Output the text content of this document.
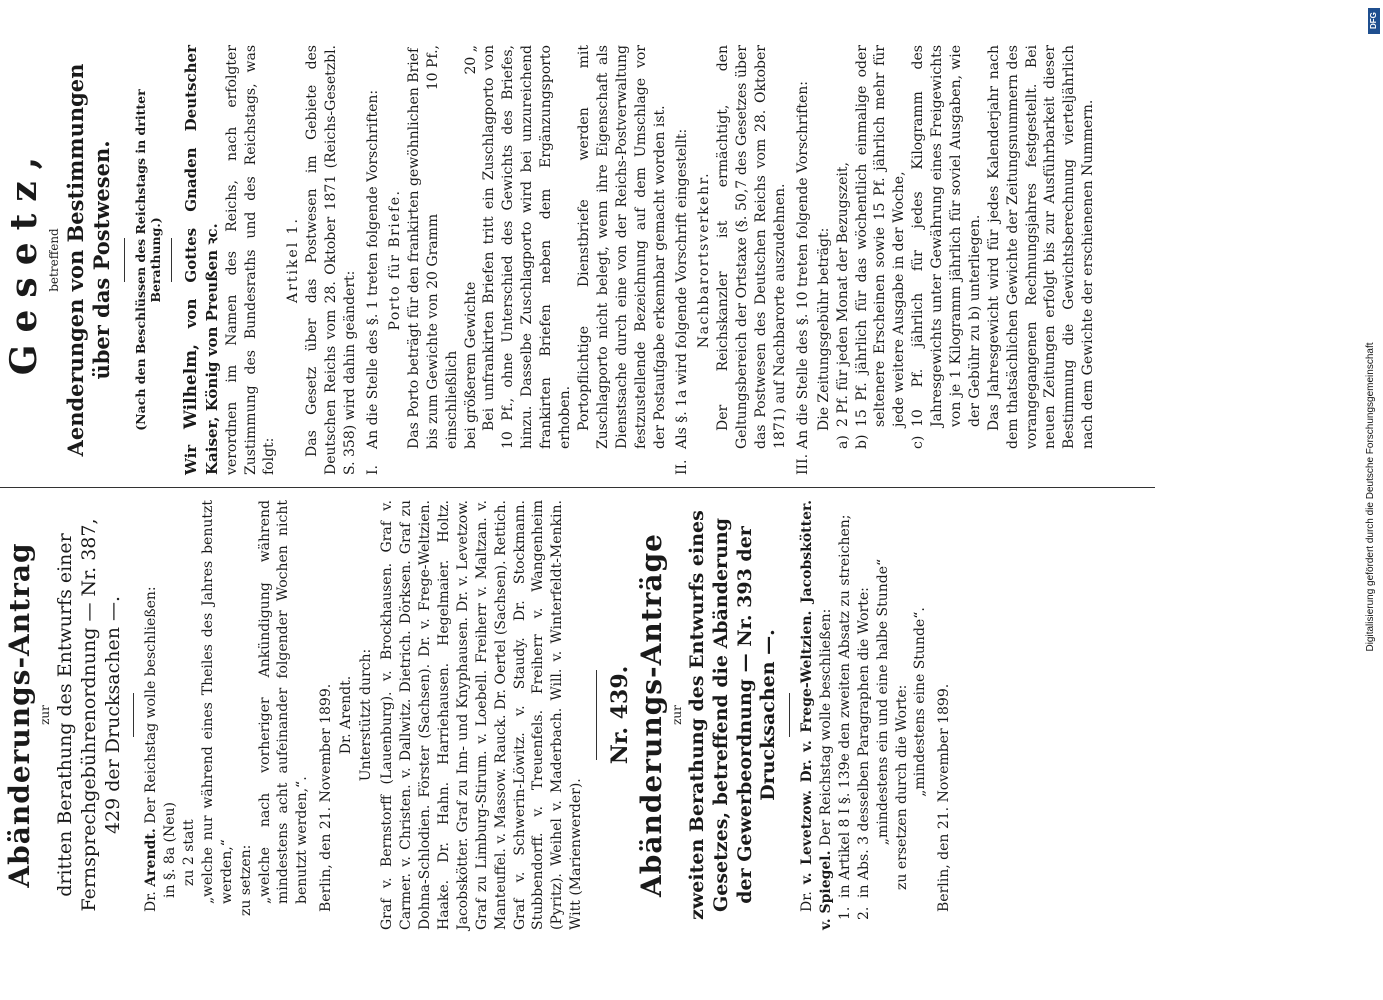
Abänderungs-Antrag zur dritten Berathung des Entwurfs einer Fernsprechgebührenordnung — Nr. 387, 429 der Drucksachen —.

Dr. Arendt. Der Reichstag wolle beschließen:

in §. 8a (Neu) zu 2 statt „welche nur während eines Theiles des Jahres benutzt werden,“ zu setzen: „welche nach vorheriger Ankündigung während mindestens acht aufeinander folgender Wochen nicht benutzt werden,“. Berlin, den 21. November 1899. Dr. Arendt. Unterstützt durch: Graf v. Bernstorff (Lauenburg). v. Brockhausen. Graf v. Carmer. v. Christen. v. Dallwitz. Dietrich. Dörksen. Graf zu Dohna-Schlodien. Förster (Sachsen). Dr. v. Frege-Weltzien. Haake. Dr. Hahn. Harriehausen. Hegelmaier. Holtz. Jacobskötter. Graf zu Inn- und Knyphausen. Dr. v. Levetzow. Graf zu Limburg-Stirum. v. Loebell. Freiherr v. Maltzan. v. Manteuffel. v. Massow. Rauck. Dr. Oertel (Sachsen). Rettich. Graf v. Schwerin-Löwitz. v. Staudy. Dr. Stockmann. Stubbendorff. v. Treuenfels. Freiherr v. Wangenheim (Pyritz). Weihel v. Maderbach. Will. v. Winterfeldt-Menkin. Witt (Marienwerder).

Nr. 439. Abänderungs-Anträge zur zweiten Berathung des Entwurfs eines Gesetzes, betreffend die Abänderung der Gewerbeordnung — Nr. 393 der Drucksachen —.

Dr. v. Levetzow. Dr. v. Frege-Weltzien. Jacobskötter. v. Spiegel. Der Reichstag wolle beschließen:

1.
in Artikel 8 I §. 139e den zweiten Absatz zu streichen;
2.
in Abs. 3 desselben Paragraphen die Worte: „mindestens ein und eine halbe Stunde“ zu ersetzen durch die Worte: „mindestens eine Stunde“. Berlin, den 21. November 1899.
Gesetz, betreffend Aenderungen von Bestimmungen über das Postwesen. (Nach den Beschlüssen des Reichstags in dritter Berathung.)

Wir Wilhelm, von Gottes Gnaden Deutscher Kaiser, König von Preußen ꝛc. verordnen im Namen des Reichs, nach erfolgter Zustimmung des Bundesraths und des Reichstags, was folgt:
Artikel 1. Das Gesetz über das Postwesen im Gebiete des Deutschen Reichs vom 28. Oktober 1871 (Reichs-Gesetzbl. S. 358) wird dahin geändert: I.
An die Stelle des §. 1 treten folgende Vorschriften: Porto für Briefe. Das Porto beträgt für den frankirten gewöhnlichen Brief bis zum Gewichte von 20 Gramm einschließlich
10 Pf.,
bei größerem Gewichte
20 „ Bei unfrankirten Briefen tritt ein Zuschlagporto von 10 Pf., ohne Unterschied des Gewichts des Briefes, hinzu. Dasselbe Zuschlagporto wird bei unzureichend frankirten Briefen neben dem Ergänzungsporto erhoben. Portopflichtige Dienstbriefe werden mit Zuschlagporto nicht belegt, wenn ihre Eigenschaft als Dienstsache durch eine von der Reichs-Postverwaltung festzustellende Bezeichnung auf dem Umschlage vor der Postaufgabe erkennbar gemacht worden ist.

II.
Als §. 1a wird folgende Vorschrift eingestellt: Nachbarortsverkehr. Der Reichskanzler ist ermächtigt, den Geltungsbereich der Ortstaxe (§. 50,7 des Gesetzes über das Postwesen des Deutschen Reichs vom 28. Oktober 1871) auf Nachbarorte auszudehnen.

III.
An die Stelle des §. 10 treten folgende Vorschriften: Die Zeitungsgebühr beträgt:

a)
2 Pf. für jeden Monat der Bezugszeit,
b)
15 Pf. jährlich für das wöchentlich einmalige oder seltenere Erscheinen sowie 15 Pf. jährlich mehr für jede weitere Ausgabe in der Woche,
c)
10 Pf. jährlich für jedes Kilogramm des Jahresgewichts unter Gewährung eines Freigewichts von je 1 Kilogramm jährlich für soviel Ausgaben, wie der Gebühr zu b) unterliegen. Das Jahresgewicht wird für jedes Kalenderjahr nach dem thatsächlichen Gewichte der Zeitungsnummern des vorangegangenen Rechnungsjahres festgestellt. Bei neuen Zeitungen erfolgt bis zur Ausführbarkeit dieser Bestimmung die Gewichtsberechnung vierteljährlich nach dem Gewichte der erschienenen Nummern.

Digitalisierung gefördert durch die Deutsche Forschungsgemeinschaft
DFG
